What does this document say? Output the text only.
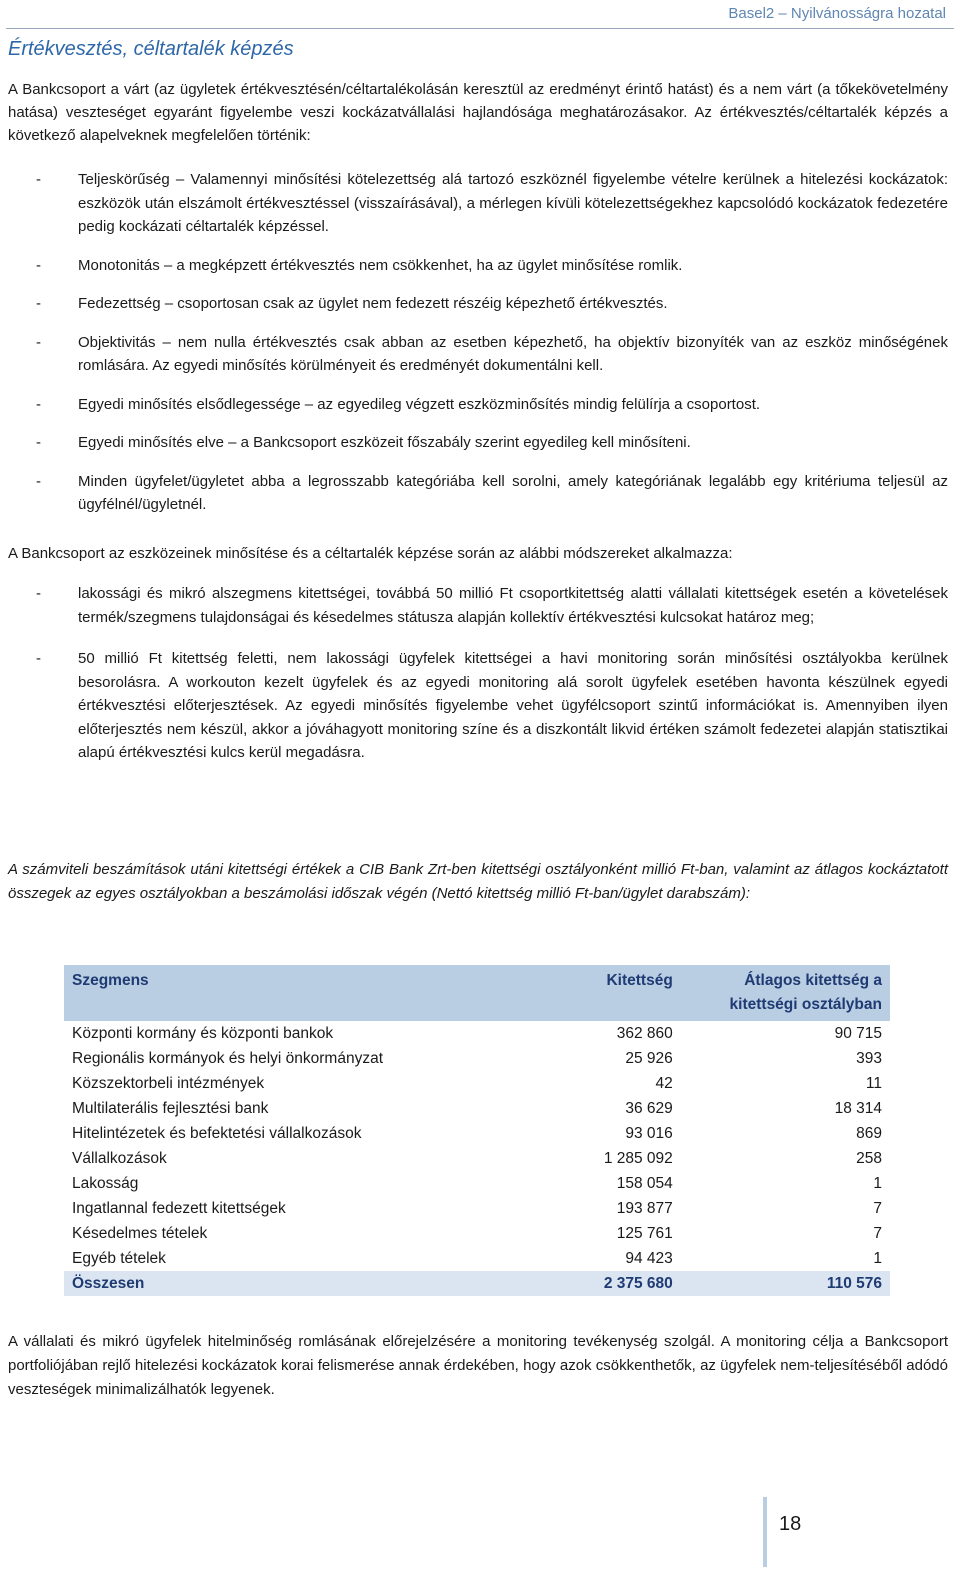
Basel2 – Nyilvánosságra hozatal
Értékvesztés, céltartalék képzés
A Bankcsoport a várt (az ügyletek értékvesztésén/céltartalékolásán keresztül az eredményt érintő hatást) és a nem várt (a tőkekövetelmény hatása) veszteséget egyaránt figyelembe veszi kockázatvállalási hajlandósága meghatározásakor. Az értékvesztés/céltartalék képzés a következő alapelveknek megfelelően történik:
- Teljeskörűség – Valamennyi minősítési kötelezettség alá tartozó eszköznél figyelembe vételre kerülnek a hitelezési kockázatok: eszközök után elszámolt értékvesztéssel (visszaírásával), a mérlegen kívüli kötelezettségekhez kapcsolódó kockázatok fedezetére pedig kockázati céltartalék képzéssel.
- Monotonitás – a megképzett értékvesztés nem csökkenhet, ha az ügylet minősítése romlik.
- Fedezettség – csoportosan csak az ügylet nem fedezett részéig képezhető értékvesztés.
- Objektivitás – nem nulla értékvesztés csak abban az esetben képezhető, ha objektív bizonyíték van az eszköz minőségének romlására. Az egyedi minősítés körülményeit és eredményét dokumentálni kell.
- Egyedi minősítés elsődlegessége – az egyedileg végzett eszközminősítés mindig felülírja a csoportost.
- Egyedi minősítés elve – a Bankcsoport eszközeit főszabály szerint egyedileg kell minősíteni.
- Minden ügyfelet/ügyletet abba a legrosszabb kategóriába kell sorolni, amely kategóriának legalább egy kritériuma teljesül az ügyfélnél/ügyletnél.
A Bankcsoport az eszközeinek minősítése és a céltartalék képzése során az alábbi módszereket alkalmazza:
- lakossági és mikró alszegmens kitettségei, továbbá 50 millió Ft csoportkitettség alatti vállalati kitettségek esetén a követelések termék/szegmens tulajdonságai és késedelmes státusza alapján kollektív értékvesztési kulcsokat határoz meg;
- 50 millió Ft kitettség feletti, nem lakossági ügyfelek kitettségei a havi monitoring során minősítési osztályokba kerülnek besorolásra. A workouton kezelt ügyfelek és az egyedi monitoring alá sorolt ügyfelek esetében havonta készülnek egyedi értékvesztési előterjesztések. Az egyedi minősítés figyelembe vehet ügyfélcsoport szintű információkat is. Amennyiben ilyen előterjesztés nem készül, akkor a jóváhagyott monitoring színe és a diszkontált likvid értéken számolt fedezetei alapján statisztikai alapú értékvesztési kulcs kerül megadásra.
A számviteli beszámítások utáni kitettségi értékek a CIB Bank Zrt-ben kitettségi osztályonként millió Ft-ban, valamint az átlagos kockáztatott összegek az egyes osztályokban a beszámolási időszak végén (Nettó kitettség millió Ft-ban/ügylet darabszám):
Szegmens	Kitettség	Átlagos kitettség a kitettségi osztályban
Központi kormány és központi bankok	362 860	90 715
Regionális kormányok és helyi önkormányzat	25 926	393
Közszektorbeli intézmények	42	11
Multilaterális fejlesztési bank	36 629	18 314
Hitelintézetek és befektetési vállalkozások	93 016	869
Vállalkozások	1 285 092	258
Lakosság	158 054	1
Ingatlannal fedezett kitettségek	193 877	7
Késedelmes tételek	125 761	7
Egyéb tételek	94 423	1
Összesen	2 375 680	110 576
A vállalati és mikró ügyfelek hitelminőség romlásának előrejelzésére a monitoring tevékenység szolgál. A monitoring célja a Bankcsoport portfoliójában rejlő hitelezési kockázatok korai felismerése annak érdekében, hogy azok csökkenthetők, az ügyfelek nem-teljesítéséből adódó veszteségek minimalizálhatók legyenek.
18
